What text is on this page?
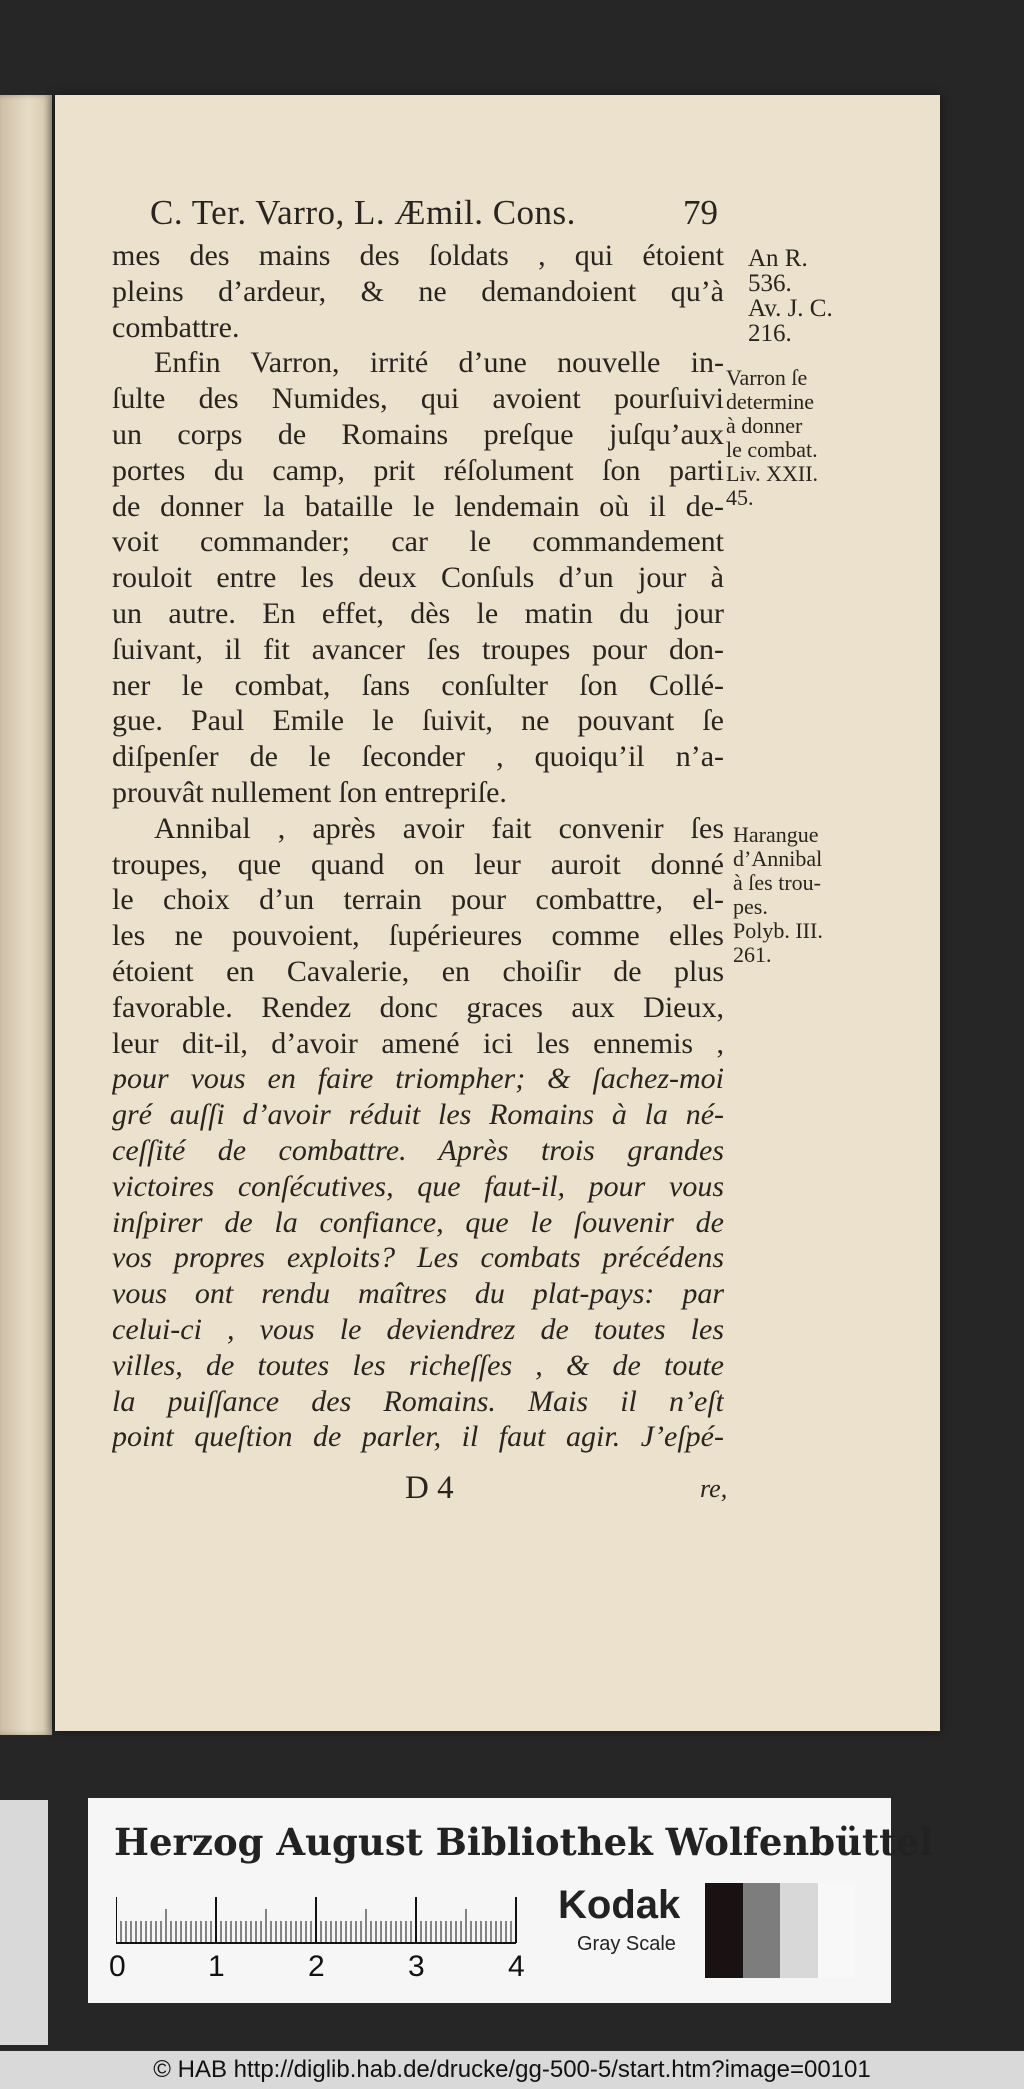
C. Ter. Varro, L. Æmil. Cons.	79
mes des mains des ſoldats , qui étoient
pleins d’ardeur, & ne demandoient qu’à
combattre.
Enfin Varron, irrité d’une nouvelle in-
ſulte des Numides, qui avoient pourſuivi
un corps de Romains preſque juſqu’aux
portes du camp, prit réſolument ſon parti
de donner la bataille le lendemain où il de-
voit commander; car le commandement
rouloit entre les deux Conſuls d’un jour à
un autre. En effet, dès le matin du jour
ſuivant, il fit avancer ſes troupes pour don-
ner le combat, ſans conſulter ſon Collé-
gue. Paul Emile le ſuivit, ne pouvant ſe
diſpenſer de le ſeconder , quoiqu’il n’a-
prouvât nullement ſon entrepriſe.
Annibal , après avoir fait convenir ſes
troupes, que quand on leur auroit donné
le choix d’un terrain pour combattre, el-
les ne pouvoient, ſupérieures comme elles
étoient en Cavalerie, en choiſir de plus
favorable. Rendez donc graces aux Dieux,
leur dit-il, d’avoir amené ici les ennemis ,
pour vous en faire triompher; & ſachez-moi
gré auſſi d’avoir réduit les Romains à la né-
ceſſité de combattre. Après trois grandes
victoires conſécutives, que faut-il, pour vous
inſpirer de la confiance, que le ſouvenir de
vos propres exploits? Les combats précédens
vous ont rendu maîtres du plat-pays: par
celui-ci , vous le deviendrez de toutes les
villes, de toutes les richeſſes , & de toute
la puiſſance des Romains. Mais il n’eſt
point queſtion de parler, il faut agir. J’eſpé-
An R.
536.
Av. J. C.
216.
Varron ſe
determine
à donner
le combat.
Liv. XXII.
45.
Harangue
d’Annibal
à ſes trou-
pes.
Polyb. III.
261.
D 4	re,
Herzog August Bibliothek Wolfenbüttel
0	1	2	3	4
Kodak
Gray Scale
© HAB http://diglib.hab.de/drucke/gg-500-5/start.htm?image=00101
